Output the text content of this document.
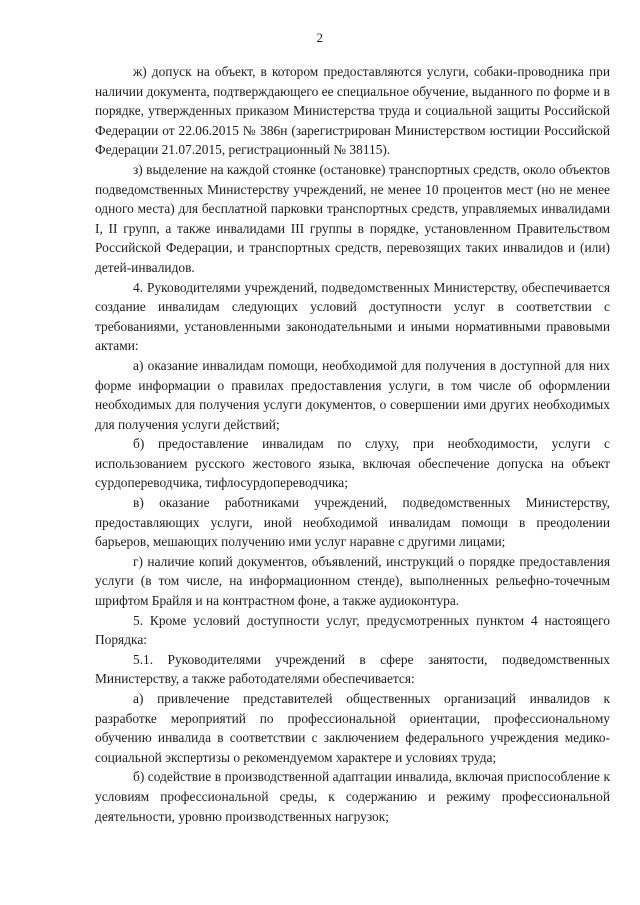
2

ж) допуск на объект, в котором предоставляются услуги, собаки-проводника при наличии документа, подтверждающего ее специальное обучение, выданного по форме и в порядке, утвержденных приказом Министерства труда и социальной защиты Российской Федерации от 22.06.2015 № 386н (зарегистрирован Министерством юстиции Российской Федерации 21.07.2015, регистрационный № 38115).

з) выделение на каждой стоянке (остановке) транспортных средств, около объектов подведомственных Министерству учреждений, не менее 10 процентов мест (но не менее одного места) для бесплатной парковки транспортных средств, управляемых инвалидами I, II групп, а также инвалидами III группы в порядке, установленном Правительством Российской Федерации, и транспортных средств, перевозящих таких инвалидов и (или) детей-инвалидов.

4. Руководителями учреждений, подведомственных Министерству, обеспечивается создание инвалидам следующих условий доступности услуг в соответствии с требованиями, установленными законодательными и иными нормативными правовыми актами:

а) оказание инвалидам помощи, необходимой для получения в доступной для них форме информации о правилах предоставления услуги, в том числе об оформлении необходимых для получения услуги документов, о совершении ими других необходимых для получения услуги действий;

б) предоставление инвалидам по слуху, при необходимости, услуги с использованием русского жестового языка, включая обеспечение допуска на объект сурдопереводчика, тифлосурдопереводчика;

в) оказание работниками учреждений, подведомственных Министерству, предоставляющих услуги, иной необходимой инвалидам помощи в преодолении барьеров, мешающих получению ими услуг наравне с другими лицами;

г) наличие копий документов, объявлений, инструкций о порядке предоставления услуги (в том числе, на информационном стенде), выполненных рельефно-точечным шрифтом Брайля и на контрастном фоне, а также аудиоконтура.

5. Кроме условий доступности услуг, предусмотренных пунктом 4 настоящего Порядка:

5.1. Руководителями учреждений в сфере занятости, подведомственных Министерству, а также работодателями обеспечивается:

а) привлечение представителей общественных организаций инвалидов к разработке мероприятий по профессиональной ориентации, профессиональному обучению инвалида в соответствии с заключением федерального учреждения медико-социальной экспертизы о рекомендуемом характере и условиях труда;

б) содействие в производственной адаптации инвалида, включая приспособление к условиям профессиональной среды, к содержанию и режиму профессиональной деятельности, уровню производственных нагрузок;
